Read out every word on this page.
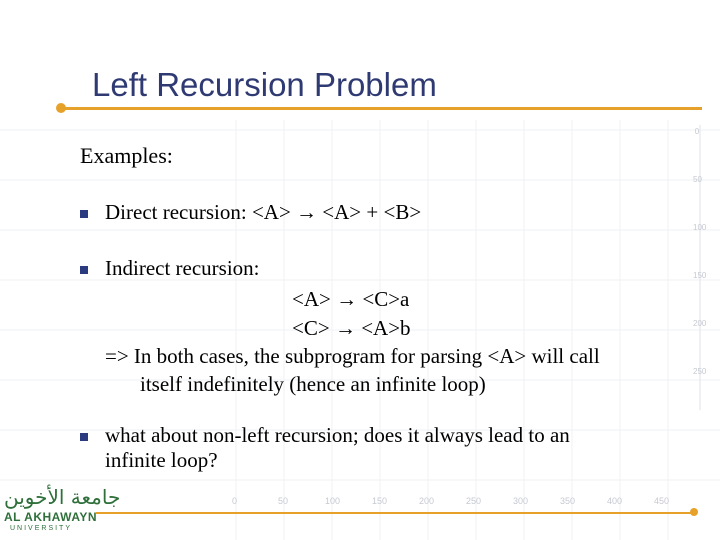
Left Recursion Problem
Examples:
Direct recursion: <A> → <A> + <B>
Indirect recursion:
<A> → <C>a
<C> → <A>b
=> In both cases, the subprogram for parsing <A> will call
itself indefinitely (hence an infinite loop)
what about non-left recursion; does it always lead to an
infinite loop?
0	50	100	150	200	250	300	350	400	450
0
50
100
150
200
250
جامعة الأخوين
AL AKHAWAYN
UNIVERSITY
